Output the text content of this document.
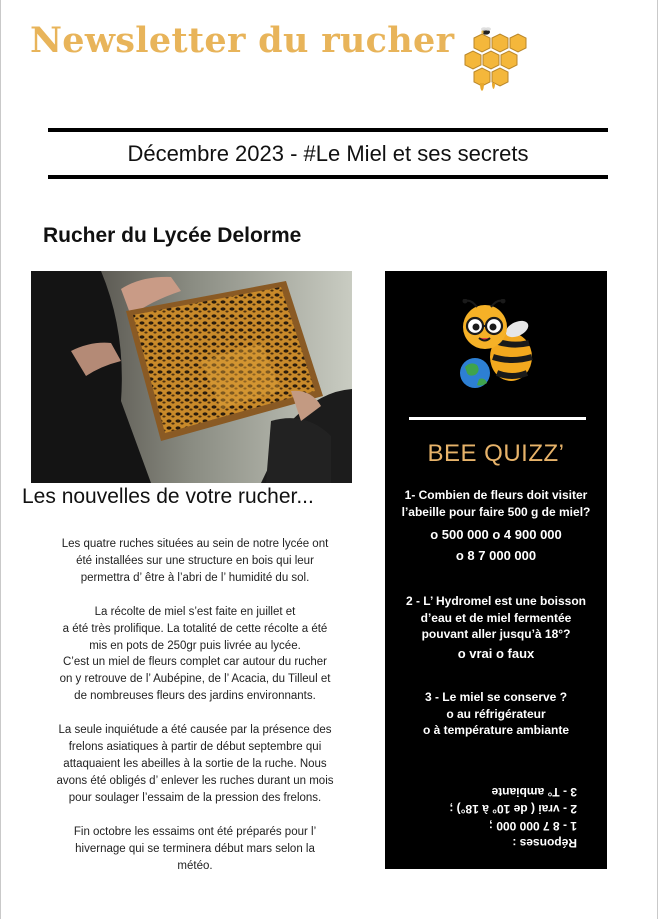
Newsletter du rucher
Décembre 2023 - #Le Miel et ses secrets
Rucher du Lycée Delorme
Les nouvelles de votre rucher...

Les quatre ruches situées au sein de notre lycée ont
été installées sur une structure en bois qui leur
permettra d’ être à l’abri de l’ humidité du sol.

La récolte de miel s’est faite en juillet et
a été très prolifique. La totalité de cette récolte a été
mis en pots de 250gr puis livrée au lycée.
C’est un miel de fleurs complet car autour du rucher
on y retrouve de l’ Aubépine, de l’ Acacia, du Tilleul et
de nombreuses fleurs des jardins environnants.

La seule inquiétude a été causée par la présence des
frelons asiatiques à partir de début septembre qui
attaquaient les abeilles à la sortie de la ruche. Nous
avons été obligés d’ enlever les ruches durant un mois
pour soulager l’essaim de la pression des frelons.

Fin octobre les essaims ont été préparés pour l’
hivernage qui se terminera début mars selon la
météo.

BEE QUIZZ’
1- Combien de fleurs doit visiter
l’abeille pour faire 500 g de miel?
o 500 000 o 4 900 000
o 8 7 000 000
2 - L’ Hydromel est une boisson
d’eau et de miel fermentée
pouvant aller jusqu’à 18°?
o vrai o faux
3 - Le miel se conserve ?
o au réfrigérateur
o à température ambiante
Réponses :
1 - 8 7 000 000 ;
2 - vrai ( de 10° à 18°) ;
3 - T° ambiante
